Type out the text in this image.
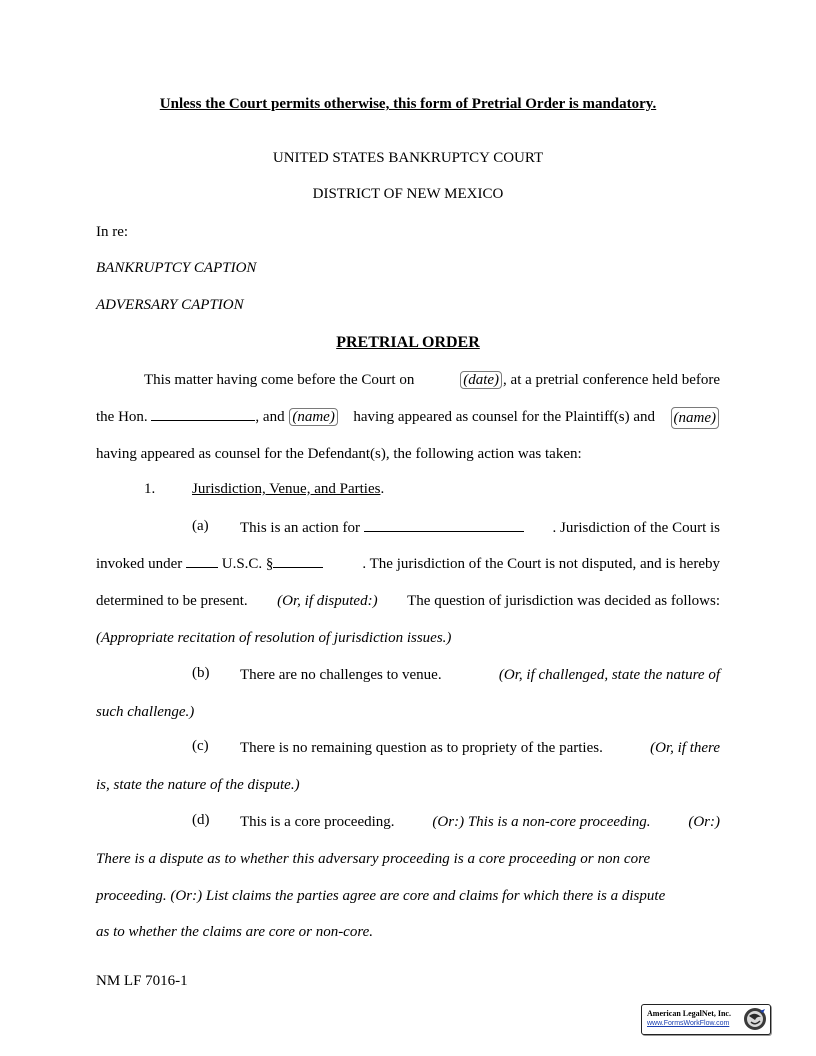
Unless the Court permits otherwise, this form of Pretrial Order is mandatory.
UNITED STATES BANKRUPTCY COURT
DISTRICT OF NEW MEXICO
In re:
BANKRUPTCY CAPTION
ADVERSARY CAPTION
PRETRIAL ORDER
This matter having come before the Court on	(date) , at a pretrial conference held before
the Hon.	, and (name) having appeared as counsel for the Plaintiff(s) and (name)
having appeared as counsel for the Defendant(s), the following action was taken:
1. Jurisdiction, Venue, and Parties.
(a) This is an action for	. Jurisdiction of the Court is
invoked under	U.S.C. §	. The jurisdiction of the Court is not disputed, and is hereby
determined to be present. (Or, if disputed:) The question of jurisdiction was decided as follows:
(Appropriate recitation of resolution of jurisdiction issues.)
(b) There are no challenges to venue.	(Or, if challenged, state the nature of
such challenge.)
(c) There is no remaining question as to propriety of the parties.	(Or, if there
is, state the nature of the dispute.)
(d) This is a core proceeding.	(Or:) This is a non-core proceeding.	(Or:)
There is a dispute as to whether this adversary proceeding is a core proceeding or non core
proceeding. (Or:) List claims the parties agree are core and claims for which there is a dispute
as to whether the claims are core or non-core.
NM LF 7016-1
American LegalNet, Inc.
www.FormsWorkFlow.com
